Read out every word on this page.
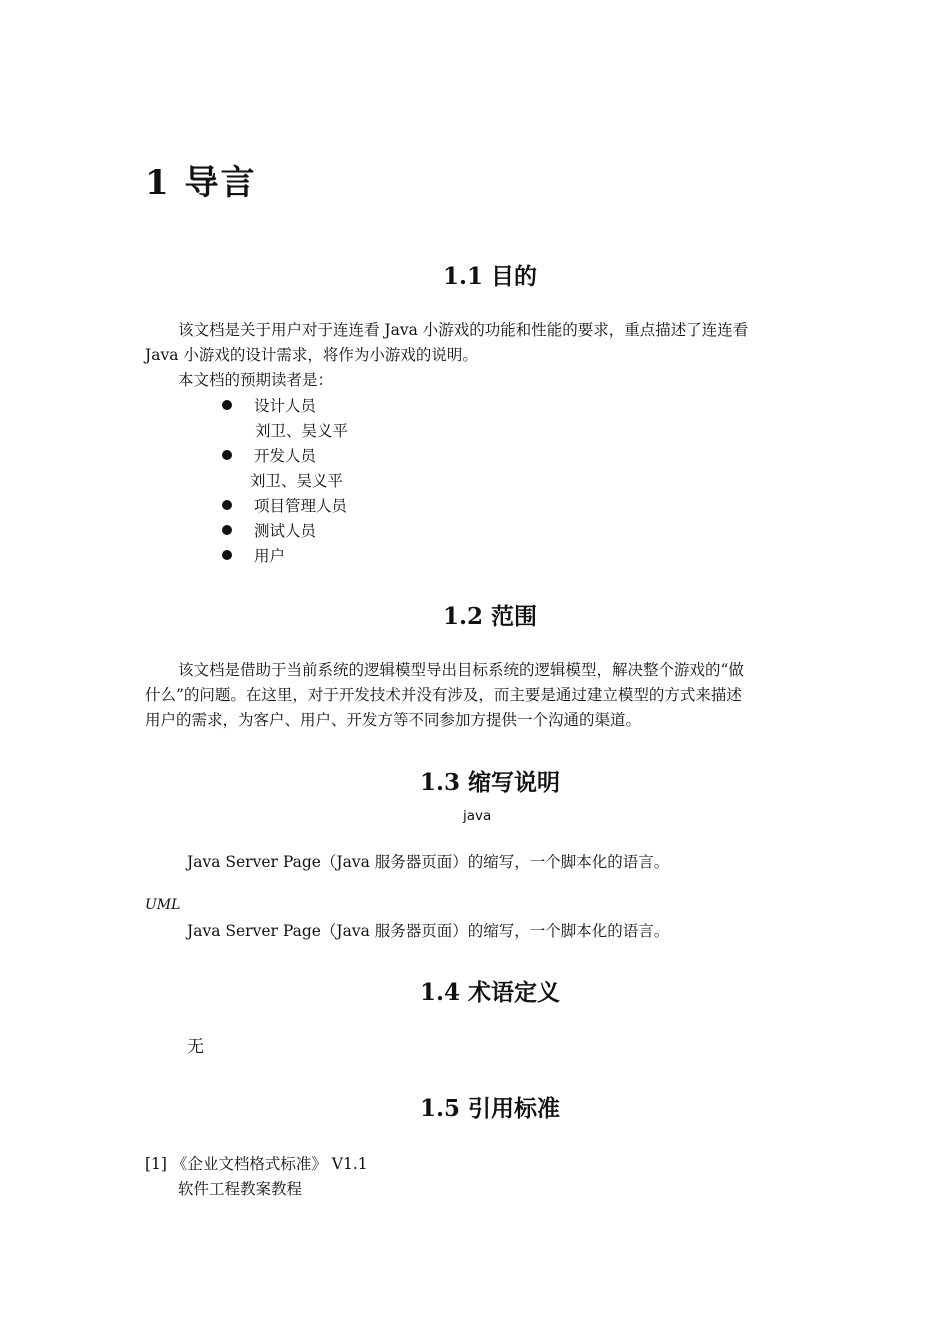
1 导言
1.1 目的
该文档是关于用户对于连连看 Java 小游戏的功能和性能的要求，重点描述了连连看
Java 小游戏的设计需求，将作为小游戏的说明。
本文档的预期读者是：
设计人员
刘卫、吴义平
开发人员
刘卫、吴义平
项目管理人员
测试人员
用户
1.2 范围
该文档是借助于当前系统的逻辑模型导出目标系统的逻辑模型，解决整个游戏的“做
什么”的问题。在这里，对于开发技术并没有涉及，而主要是通过建立模型的方式来描述
用户的需求，为客户、用户、开发方等不同参加方提供一个沟通的渠道。
1.3 缩写说明
java
Java Server Page（Java 服务器页面）的缩写，一个脚本化的语言。
UML
Java Server Page（Java 服务器页面）的缩写，一个脚本化的语言。
1.4 术语定义
无
1.5 引用标准
[1] 《企业文档格式标准》 V1.1
软件工程教案教程
